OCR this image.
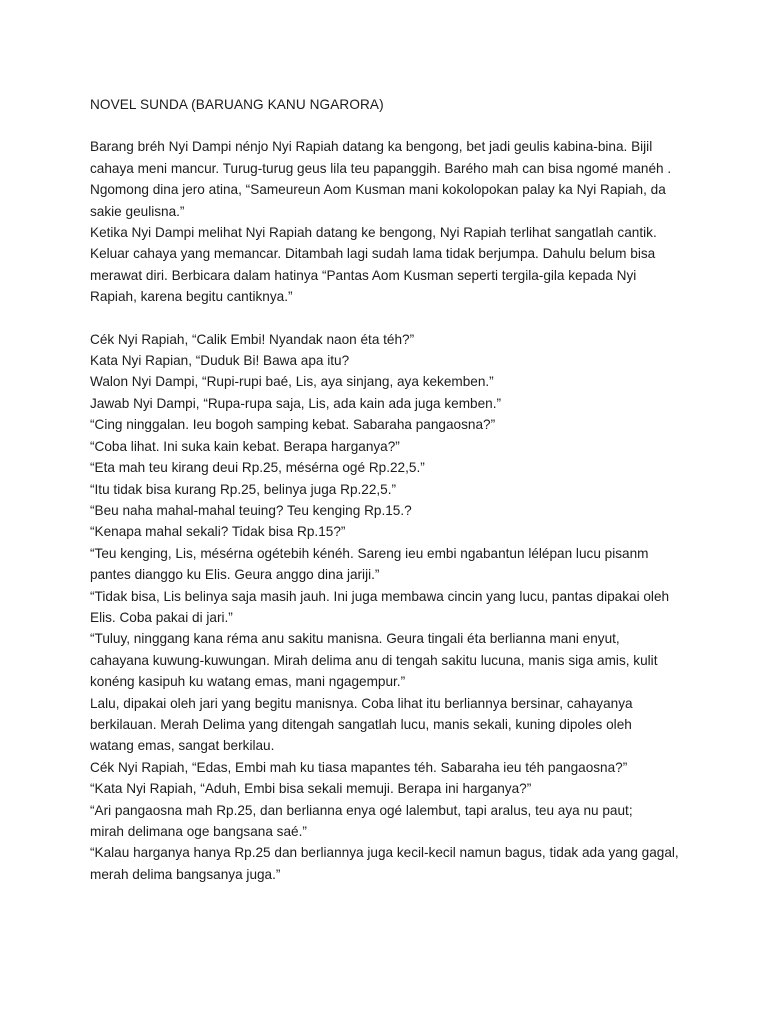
NOVEL SUNDA (BARUANG KANU NGARORA)
Barang bréh Nyi Dampi nénjo Nyi Rapiah datang ka bengong, bet jadi geulis kabina-bina. Bijil
cahaya meni mancur. Turug-turug geus lila teu papanggih. Barého mah can bisa ngomé manéh .
Ngomong dina jero atina, “Sameureun Aom Kusman mani kokolopokan palay ka Nyi Rapiah, da
sakie geulisna.”
Ketika Nyi Dampi melihat Nyi Rapiah datang ke bengong, Nyi Rapiah terlihat sangatlah cantik.
Keluar cahaya yang memancar. Ditambah lagi sudah lama tidak berjumpa. Dahulu belum bisa
merawat diri. Berbicara dalam hatinya “Pantas Aom Kusman seperti tergila-gila kepada Nyi
Rapiah, karena begitu cantiknya.”
Cék Nyi Rapiah, “Calik Embi! Nyandak naon éta téh?”
Kata Nyi Rapian, “Duduk Bi! Bawa apa itu?
Walon Nyi Dampi, “Rupi-rupi baé, Lis, aya sinjang, aya kekemben.”
Jawab Nyi Dampi, “Rupa-rupa saja, Lis, ada kain ada juga kemben.”
“Cing ninggalan. Ieu bogoh samping kebat. Sabaraha pangaosna?”
“Coba lihat. Ini suka kain kebat. Berapa harganya?”
“Eta mah teu kirang deui Rp.25, mésérna ogé Rp.22,5.”
“Itu tidak bisa kurang Rp.25, belinya juga Rp.22,5.”
“Beu naha mahal-mahal teuing? Teu kenging Rp.15.?
“Kenapa mahal sekali? Tidak bisa Rp.15?”
“Teu kenging, Lis, mésérna ogétebih kénéh. Sareng ieu embi ngabantun lélépan lucu pisanm
pantes dianggo ku Elis. Geura anggo dina jariji.”
“Tidak bisa, Lis belinya saja masih jauh. Ini juga membawa cincin yang lucu, pantas dipakai oleh
Elis. Coba pakai di jari.”
“Tuluy, ninggang kana réma anu sakitu manisna. Geura tingali éta berlianna mani enyut,
cahayana kuwung-kuwungan. Mirah delima anu di tengah sakitu lucuna, manis siga amis, kulit
konéng kasipuh ku watang emas, mani ngagempur.”
Lalu, dipakai oleh jari yang begitu manisnya. Coba lihat itu berliannya bersinar, cahayanya
berkilauan. Merah Delima yang ditengah sangatlah lucu, manis sekali, kuning dipoles oleh
watang emas, sangat berkilau.
Cék Nyi Rapiah, “Edas, Embi mah ku tiasa mapantes téh. Sabaraha ieu téh pangaosna?”
“Kata Nyi Rapiah, “Aduh, Embi bisa sekali memuji. Berapa ini harganya?”
“Ari pangaosna mah Rp.25, dan berlianna enya ogé lalembut, tapi aralus, teu aya nu paut;
mirah delimana oge bangsana saé.”
“Kalau harganya hanya Rp.25 dan berliannya juga kecil-kecil namun bagus, tidak ada yang gagal,
merah delima bangsanya juga.”
